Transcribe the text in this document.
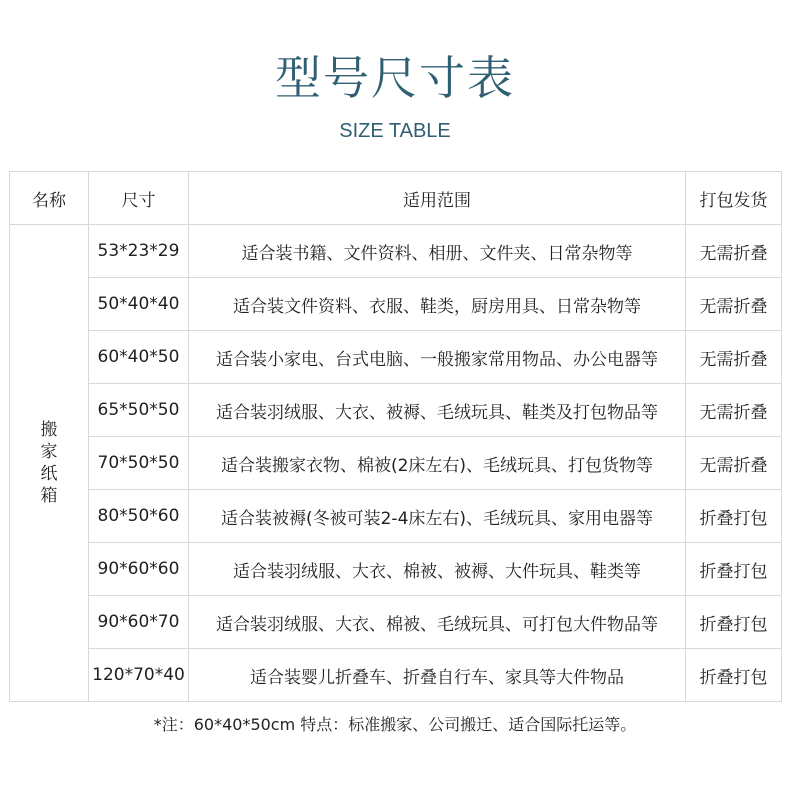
型号尺寸表
SIZE TABLE
名称	尺寸	适用范围	打包发货
搬家纸箱	53*23*29	适合装书籍、文件资料、相册、文件夹、日常杂物等	无需折叠
	50*40*40	适合装文件资料、衣服、鞋类，厨房用具、日常杂物等	无需折叠
	60*40*50	适合装小家电、台式电脑、一般搬家常用物品、办公电器等	无需折叠
	65*50*50	适合装羽绒服、大衣、被褥、毛绒玩具、鞋类及打包物品等	无需折叠
	70*50*50	适合装搬家衣物、棉被(2床左右)、毛绒玩具、打包货物等	无需折叠
	80*50*60	适合装被褥(冬被可装2-4床左右)、毛绒玩具、家用电器等	折叠打包
	90*60*60	适合装羽绒服、大衣、棉被、被褥、大件玩具、鞋类等	折叠打包
	90*60*70	适合装羽绒服、大衣、棉被、毛绒玩具、可打包大件物品等	折叠打包
	120*70*40	适合装婴儿折叠车、折叠自行车、家具等大件物品	折叠打包
*注：60*40*50cm 特点：标准搬家、公司搬迁、适合国际托运等。
